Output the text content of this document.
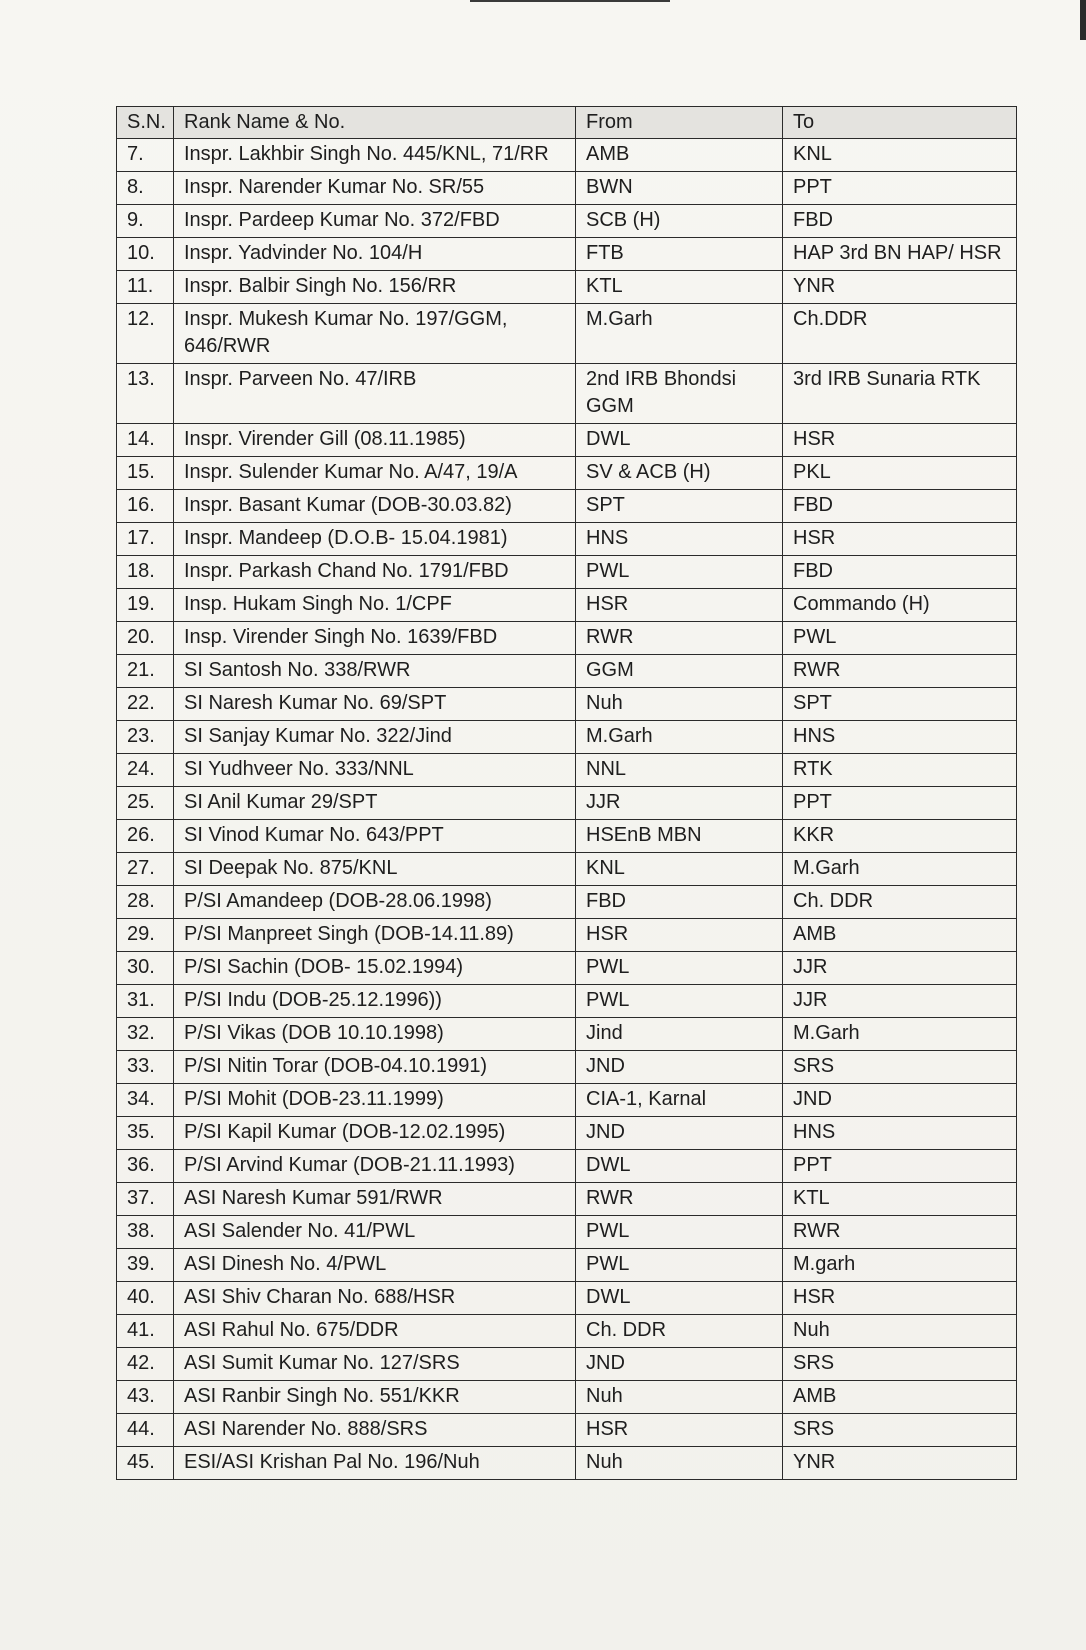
S.N.	Rank Name & No.	From	To
7.	Inspr. Lakhbir Singh No. 445/KNL, 71/RR	AMB	KNL
8.	Inspr. Narender Kumar No. SR/55	BWN	PPT
9.	Inspr. Pardeep Kumar No. 372/FBD	SCB (H)	FBD
10.	Inspr. Yadvinder No. 104/H	FTB	HAP 3rd BN HAP/ HSR
11.	Inspr. Balbir Singh No. 156/RR	KTL	YNR
12.	Inspr. Mukesh Kumar No. 197/GGM, 646/RWR	M.Garh	Ch.DDR
13.	Inspr. Parveen No. 47/IRB	2nd IRB Bhondsi GGM	3rd IRB Sunaria RTK
14.	Inspr. Virender Gill (08.11.1985)	DWL	HSR
15.	Inspr. Sulender Kumar No. A/47, 19/A	SV & ACB (H)	PKL
16.	Inspr. Basant Kumar (DOB-30.03.82)	SPT	FBD
17.	Inspr. Mandeep (D.O.B- 15.04.1981)	HNS	HSR
18.	Inspr. Parkash Chand No. 1791/FBD	PWL	FBD
19.	Insp. Hukam Singh No. 1/CPF	HSR	Commando (H)
20.	Insp. Virender Singh No. 1639/FBD	RWR	PWL
21.	SI Santosh No. 338/RWR	GGM	RWR
22.	SI Naresh Kumar No. 69/SPT	Nuh	SPT
23.	SI Sanjay Kumar No. 322/Jind	M.Garh	HNS
24.	SI Yudhveer No. 333/NNL	NNL	RTK
25.	SI Anil Kumar 29/SPT	JJR	PPT
26.	SI Vinod Kumar No. 643/PPT	HSEnB MBN	KKR
27.	SI Deepak No. 875/KNL	KNL	M.Garh
28.	P/SI Amandeep (DOB-28.06.1998)	FBD	Ch. DDR
29.	P/SI Manpreet Singh (DOB-14.11.89)	HSR	AMB
30.	P/SI Sachin (DOB- 15.02.1994)	PWL	JJR
31.	P/SI Indu (DOB-25.12.1996))	PWL	JJR
32.	P/SI Vikas (DOB 10.10.1998)	Jind	M.Garh
33.	P/SI Nitin Torar (DOB-04.10.1991)	JND	SRS
34.	P/SI Mohit (DOB-23.11.1999)	CIA-1, Karnal	JND
35.	P/SI Kapil Kumar (DOB-12.02.1995)	JND	HNS
36.	P/SI Arvind Kumar (DOB-21.11.1993)	DWL	PPT
37.	ASI Naresh Kumar 591/RWR	RWR	KTL
38.	ASI Salender No. 41/PWL	PWL	RWR
39.	ASI Dinesh No. 4/PWL	PWL	M.garh
40.	ASI Shiv Charan No. 688/HSR	DWL	HSR
41.	ASI Rahul No. 675/DDR	Ch. DDR	Nuh
42.	ASI Sumit Kumar No. 127/SRS	JND	SRS
43.	ASI Ranbir Singh No. 551/KKR	Nuh	AMB
44.	ASI Narender No. 888/SRS	HSR	SRS
45.	ESI/ASI Krishan Pal No. 196/Nuh	Nuh	YNR
